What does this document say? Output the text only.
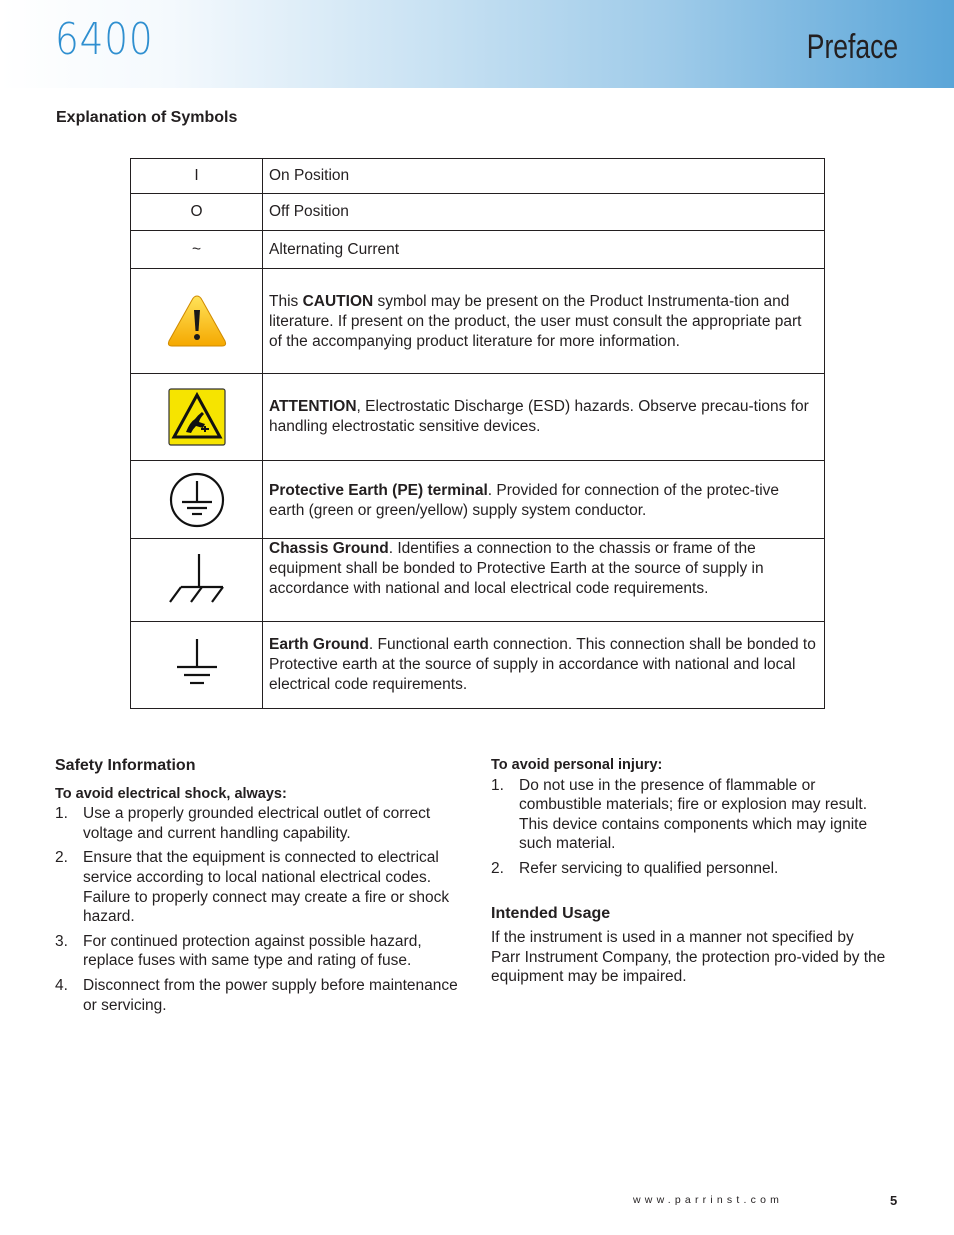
6400	Preface
Explanation of Symbols
I	On Position
O	Off Position
~	Alternating Current

	This CAUTION symbol may be present on the Product Instrumenta-tion and literature. If present on the product, the user must consult the appropriate part of the accompanying product literature for more information.

	ATTENTION, Electrostatic Discharge (ESD) hazards. Observe precau-tions for handling electrostatic sensitive devices.

	Protective Earth (PE) terminal. Provided for connection of the protec-tive earth (green or green/yellow) supply system conductor.

	Chassis Ground. Identifies a connection to the chassis or frame of the equipment shall be bonded to Protective Earth at the source of supply in accordance with national and local electrical code requirements.

	Earth Ground. Functional earth connection. This connection shall be bonded to Protective earth at the source of supply in accordance with national and local electrical code requirements.
Safety Information
To avoid electrical shock, always:
1. Use a properly grounded electrical outlet of correct voltage and current handling capability.
2. Ensure that the equipment is connected to electrical service according to local national electrical codes. Failure to properly connect may create a fire or shock hazard.
3. For continued protection against possible hazard, replace fuses with same type and rating of fuse.
4. Disconnect from the power supply before maintenance or servicing.
To avoid personal injury:
1. Do not use in the presence of flammable or combustible materials; fire or explosion may result. This device contains components which may ignite such material.
2. Refer servicing to qualified personnel.
Intended Usage
If the instrument is used in a manner not specified by Parr Instrument Company, the protection pro-vided by the equipment may be impaired.
www.parrinst.com	5
